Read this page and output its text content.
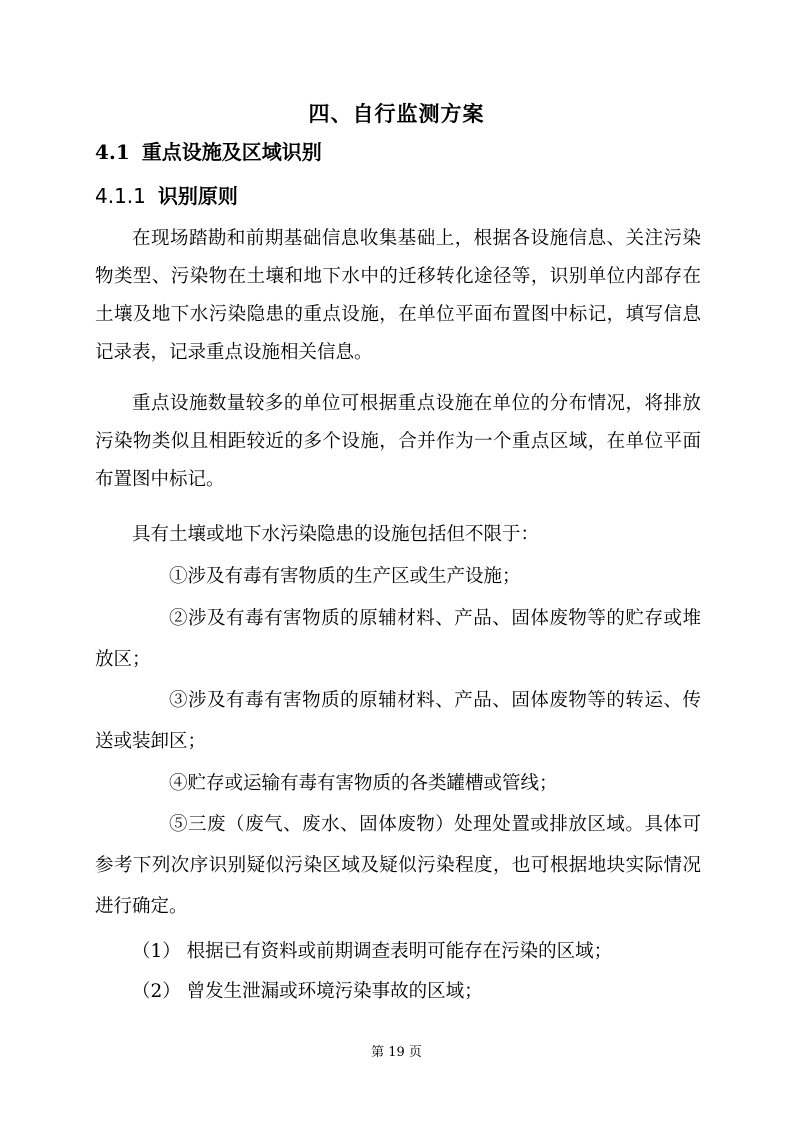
四、自行监测方案
4.1 重点设施及区域识别
4.1.1 识别原则
在现场踏勘和前期基础信息收集基础上，根据各设施信息、关注污染物类型、污染物在土壤和地下水中的迁移转化途径等，识别单位内部存在土壤及地下水污染隐患的重点设施，在单位平面布置图中标记，填写信息记录表，记录重点设施相关信息。
重点设施数量较多的单位可根据重点设施在单位的分布情况，将排放污染物类似且相距较近的多个设施，合并作为一个重点区域，在单位平面布置图中标记。
具有土壤或地下水污染隐患的设施包括但不限于：
①涉及有毒有害物质的生产区或生产设施；
②涉及有毒有害物质的原辅材料、产品、固体废物等的贮存或堆放区；
③涉及有毒有害物质的原辅材料、产品、固体废物等的转运、传送或装卸区；
④贮存或运输有毒有害物质的各类罐槽或管线；
⑤三废（废气、废水、固体废物）处理处置或排放区域。具体可参考下列次序识别疑似污染区域及疑似污染程度，也可根据地块实际情况进行确定。
（1） 根据已有资料或前期调查表明可能存在污染的区域；
（2） 曾发生泄漏或环境污染事故的区域；
第 19 页
